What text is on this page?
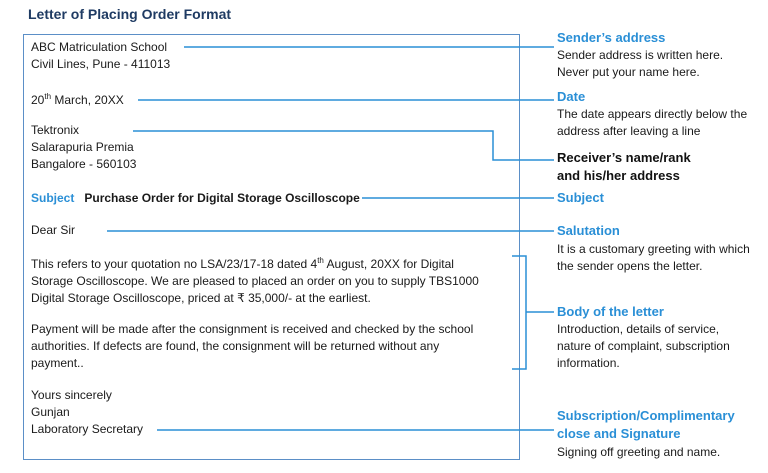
Letter of Placing Order Format
ABC Matriculation School
Civil Lines, Pune - 411013
20th March, 20XX
Tektronix
Salarapuria Premia
Bangalore - 560103
Subject Purchase Order for Digital Storage Oscilloscope
Dear Sir
This refers to your quotation no LSA/23/17-18 dated 4th August, 20XX for Digital
Storage Oscilloscope. We are pleased to placed an order on you to supply TBS1000
Digital Storage Oscilloscope, priced at ₹ 35,000/- at the earliest.
Payment will be made after the consignment is received and checked by the school
authorities. If defects are found, the consignment will be returned without any
payment..
Yours sincerely
Gunjan
Laboratory Secretary
Sender’s address
Sender address is written here.
Never put your name here.
Date
The date appears directly below the
address after leaving a line
Receiver’s name/rank
and his/her address
Subject
Salutation
It is a customary greeting with which
the sender opens the letter.
Body of the letter
Introduction, details of service,
nature of complaint, subscription
information.
Subscription/Complimentary
close and Signature
Signing off greeting and name.
